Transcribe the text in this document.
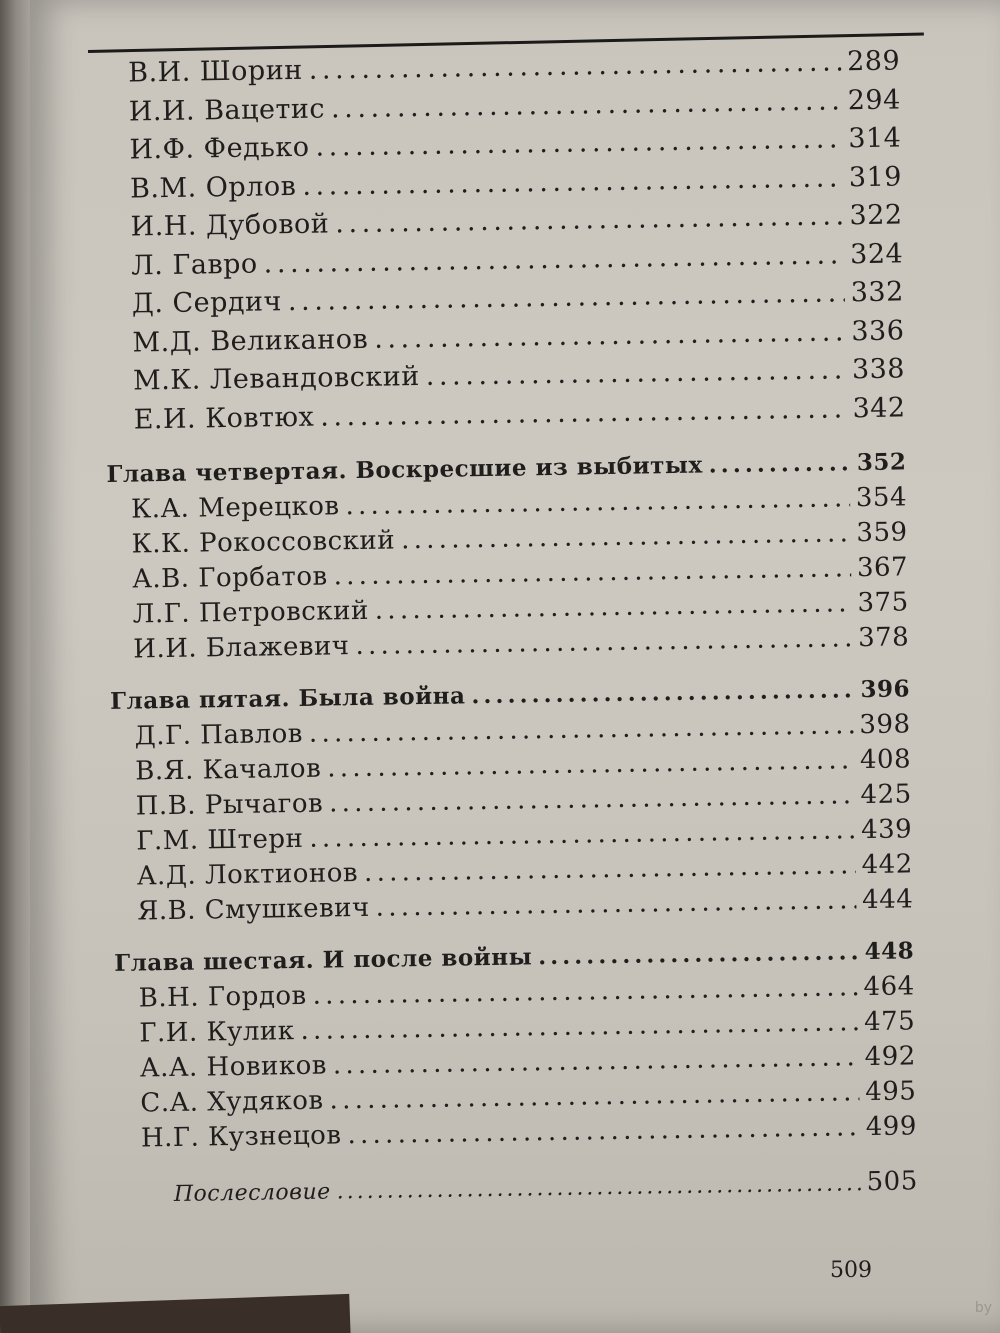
В.И. Шорин . . .	289
И.И. Вацетис . . .	294
И.Ф. Федько . . .	314
В.М. Орлов . . .	319
И.Н. Дубовой . . .	322
Л. Гавро . . .	324
Д. Сердич . . .	332
М.Д. Великанов . . .	336
М.К. Левандовский . . .	338
Е.И. Ковтюх . . .	342
Глава четвертая. Воскресшие из выбитых . . .	352
К.А. Мерецков . . .	354
К.К. Рокоссовский . . .	359
А.В. Горбатов . . .	367
Л.Г. Петровский . . .	375
И.И. Блажевич . . .	378
Глава пятая. Была война . . .	396
Д.Г. Павлов . . .	398
В.Я. Качалов . . .	408
П.В. Рычагов . . .	425
Г.М. Штерн . . .	439
А.Д. Локтионов . . .	442
Я.В. Смушкевич . . .	444
Глава шестая. И после войны . . .	448
В.Н. Гордов . . .	464
Г.И. Кулик . . .	475
А.А. Новиков . . .	492
С.А. Худяков . . .	495
Н.Г. Кузнецов . . .	499
Послесловие . . .	505
509
by
